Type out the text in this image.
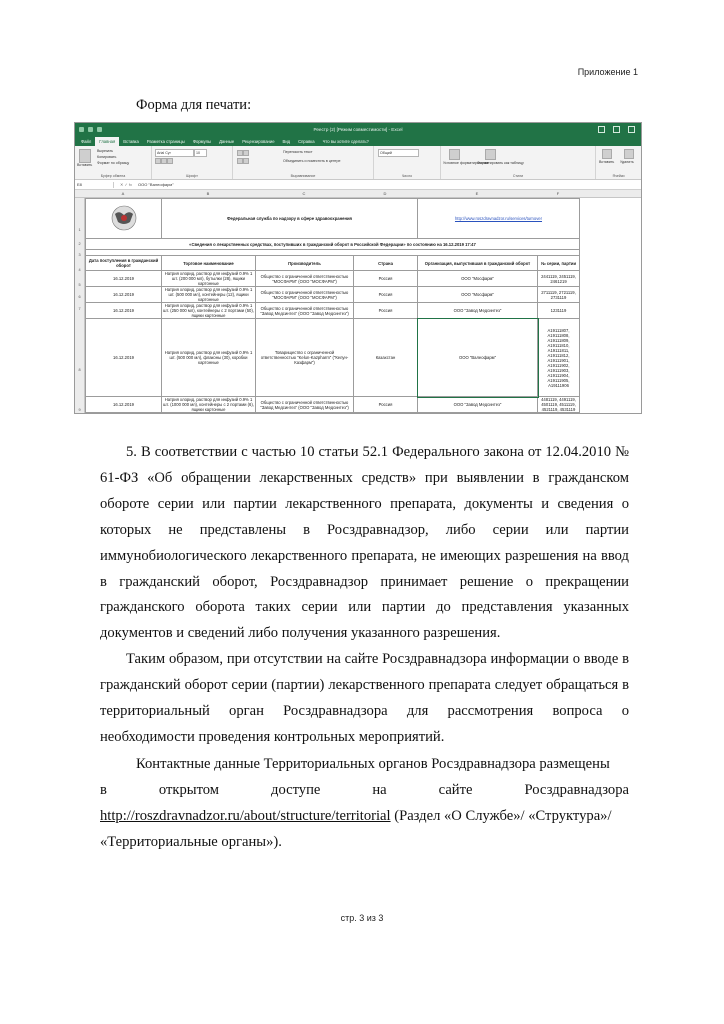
Приложение 1
Форма для печати:
Реестр (2) [Режим совместимости] - Excel
Файл	Главная	Вставка	Разметка страницы	Формулы	Данные	Рецензирование	Вид	Справка	Что вы хотите сделать?
Вставить
Вырезать
Копировать
Формат по образцу
Буфер обмена
Arial Cyr	10
Шрифт
Переносить текст
Объединить и поместить в центре
Выравнивание
Общий
Число
Условное форматирование
Форматировать как таблицу
Стили
Вставить Удалить
Ячейки
E8	✕ ✓ fx	ООО "Валеофарм"
A	B	C	D	E	F
1
2
3
4
5
6
7
8
9
	Федеральная служба по надзору в сфере здравоохранения			http://www.roszdravnadzor.ru/services/turnover	
«Сведения о лекарственных средствах, поступивших в гражданский оборот в Российской Федерации» по состоянию на 16.12.2019 17:47					

Дата поступления в гражданский оборот	Торговое наименование	Производитель	Страна	Организация, выпустившая в гражданский оборот	№ серии, партии
16.12.2019	Натрия хлорид, раствор для инфузий 0.9% 1 шт. (200 000 мл), бутылки (28), ящики картонные	Общество с ограниченной ответственностью "МОСФАРМ" (ООО "МОСФАРМ")	Россия	ООО "Мосфарм"	2441119, 2451119, 2461219
16.12.2019	Натрия хлорид, раствор для инфузий 0.9% 1 шт. (500 000 мл), контейнеры (12), ящики картонные	Общество с ограниченной ответственностью "МОСФАРМ" (ООО "МОСФАРМ")	Россия	ООО "Мосфарм"	2711119, 2721119, 2731119
16.12.2019	Натрия хлорид, раствор для инфузий 0.9% 1 шт. (250 000 мл), контейнеры с 2 портами (50), ящики картонные	Общество с ограниченной ответственностью "Завод Медсинтез" (ООО "Завод Медсинтез")	Россия	ООО "Завод Медсинтез"	1231119
16.12.2019	Натрия хлорид, раствор для инфузий 0.9% 1 шт. (500 000 мл), флаконы (30), коробки картонные	Товарищество с ограниченной ответственностью "Kelun-Kazpharm" ("Келун-Казфарм")	Казахстан	ООО "Валеофарм"	A19111807, A19111808, A19111809, A19111810, A19111811, A19111812, A19111901, A19111902, A19111903, A19111904, A19111905, A19111906
16.12.2019	Натрия хлорид, раствор для инфузий 0.9% 1 шт. (1000 000 мл), контейнеры с 2 портами (6), ящики картонные	Общество с ограниченной ответственностью "Завод Медсинтез" (ООО "Завод Медсинтез")	Россия	ООО "Завод Медсинтез"	4481119, 4491119, 4501119, 4511119, 4521119, 4531119

5. В соответствии с частью 10 статьи 52.1 Федерального закона от 12.04.2010 № 61-ФЗ «Об обращении лекарственных средств» при выявлении в гражданском обороте серии или партии лекарственного препарата, документы и сведения о которых не представлены в Росздравнадзор, либо серии или партии иммунобиологического лекарственного препарата, не имеющих разрешения на ввод в гражданский оборот, Росздравнадзор принимает решение о прекращении гражданского оборота таких серии или партии до представления указанных документов и сведений либо получения указанного разрешения.

Таким образом, при отсутствии на сайте Росздравнадзора информации о вводе в гражданский оборот серии (партии) лекарственного препарата следует обращаться в территориальный орган Росздравнадзора для рассмотрения вопроса о необходимости проведения контрольных мероприятий.

Контактные данные Территориальных органов Росздравнадзора размещены
в	открытом	доступе	на	сайте	Росздравнадзора
http://roszdravnadzor.ru/about/structure/territorial (Раздел «О Службе»/ «Структура»/
«Территориальные органы»).
стр. 3 из 3
